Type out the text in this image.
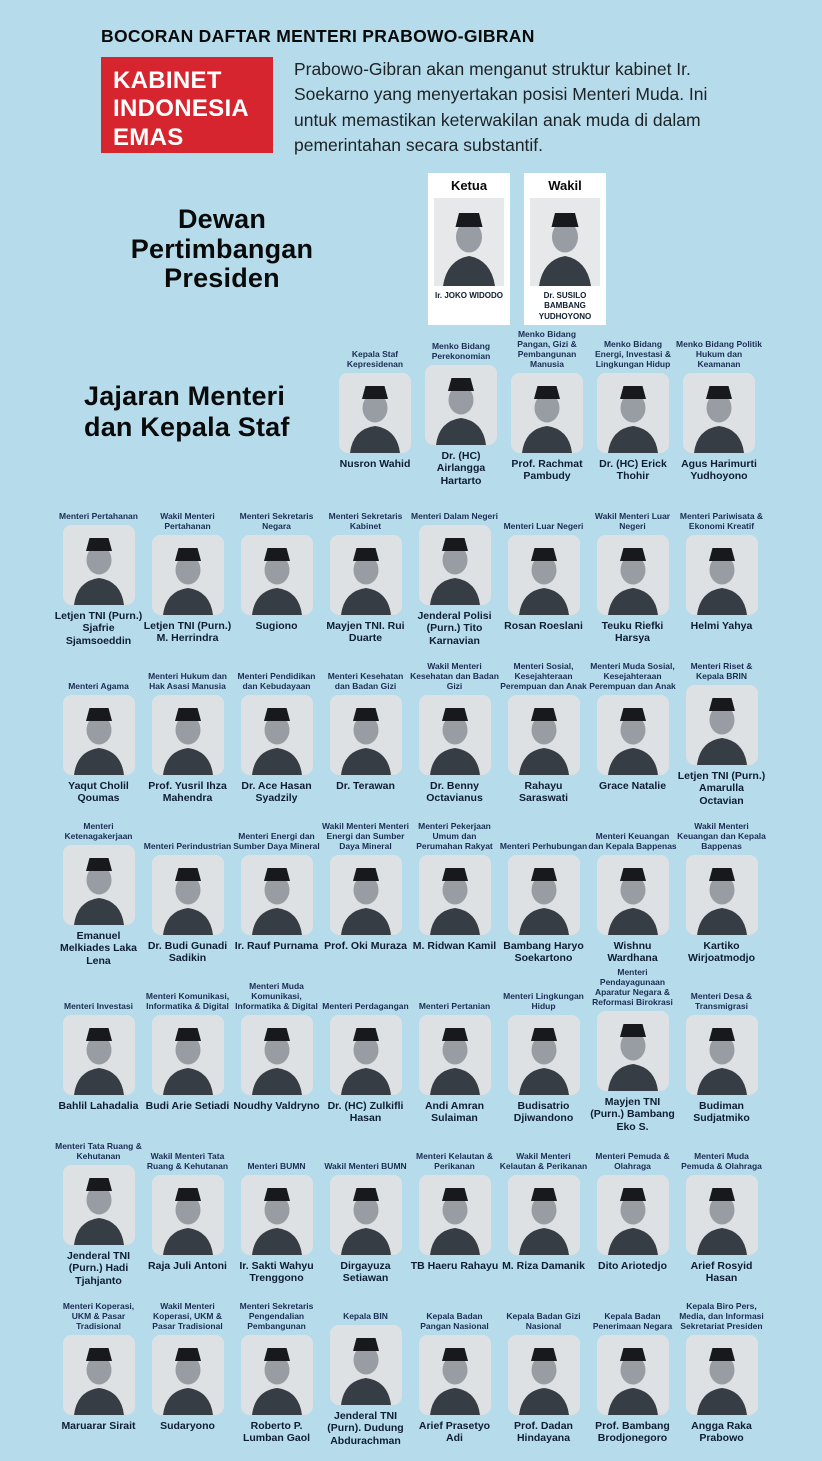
BOCORAN DAFTAR MENTERI PRABOWO-GIBRAN
KABINET
INDONESIA
EMAS

Prabowo-Gibran akan menganut struktur kabinet Ir. Soekarno yang menyertakan posisi Menteri Muda. Ini untuk memastikan keterwakilan anak muda di dalam pemerintahan secara substantif.

Dewan
Pertimbangan
Presiden
Ketua
Ir. JOKO WIDODO
Wakil
Dr. SUSILO BAMBANG YUDHOYONO
Jajaran Menteri
dan Kepala Staf
Kepala Staf Kepresidenan
Nusron Wahid
Menko Bidang Perekonomian
Dr. (HC) Airlangga Hartarto
Menko Bidang Pangan, Gizi & Pembangunan Manusia
Prof. Rachmat Pambudy
Menko Bidang Energi, Investasi & Lingkungan Hidup
Dr. (HC) Erick Thohir
Menko Bidang Politik Hukum dan Keamanan
Agus Harimurti Yudhoyono
Menteri Pertahanan
Letjen TNI (Purn.) Sjafrie Sjamsoeddin
Wakil Menteri Pertahanan
Letjen TNI (Purn.) M. Herrindra
Menteri Sekretaris Negara
Sugiono
Menteri Sekretaris Kabinet
Mayjen TNI. Rui Duarte
Menteri Dalam Negeri
Jenderal Polisi (Purn.) Tito Karnavian
Menteri Luar Negeri
Rosan Roeslani
Wakil Menteri Luar Negeri
Teuku Riefki Harsya
Menteri Pariwisata & Ekonomi Kreatif
Helmi Yahya
Menteri Agama
Yaqut Cholil Qoumas
Menteri Hukum dan Hak Asasi Manusia
Prof. Yusril Ihza Mahendra
Menteri Pendidikan dan Kebudayaan
Dr. Ace Hasan Syadzily
Menteri Kesehatan dan Badan Gizi
Dr. Terawan
Wakil Menteri Kesehatan dan Badan Gizi
Dr. Benny Octavianus
Menteri Sosial, Kesejahteraan Perempuan dan Anak
Rahayu Saraswati
Menteri Muda Sosial, Kesejahteraan Perempuan dan Anak
Grace Natalie
Menteri Riset & Kepala BRIN
Letjen TNI (Purn.) Amarulla Octavian
Menteri Ketenagakerjaan
Emanuel Melkiades Laka Lena
Menteri Perindustrian
Dr. Budi Gunadi Sadikin
Menteri Energi dan Sumber Daya Mineral
Ir. Rauf Purnama
Wakil Menteri Menteri Energi dan Sumber Daya Mineral
Prof. Oki Muraza
Menteri Pekerjaan Umum dan Perumahan Rakyat
M. Ridwan Kamil
Menteri Perhubungan
Bambang Haryo Soekartono
Menteri Keuangan dan Kepala Bappenas
Wishnu Wardhana
Wakil Menteri Keuangan dan Kepala Bappenas
Kartiko Wirjoatmodjo
Menteri Investasi
Bahlil Lahadalia
Menteri Komunikasi, Informatika & Digital
Budi Arie Setiadi
Menteri Muda Komunikasi, Informatika & Digital
Noudhy Valdryno
Menteri Perdagangan
Dr. (HC) Zulkifli Hasan
Menteri Pertanian
Andi Amran Sulaiman
Menteri Lingkungan Hidup
Budisatrio Djiwandono
Menteri Pendayagunaan Aparatur Negara & Reformasi Birokrasi
Mayjen TNI (Purn.) Bambang Eko S.
Menteri Desa & Transmigrasi
Budiman Sudjatmiko
Menteri Tata Ruang & Kehutanan
Jenderal TNI (Purn.) Hadi Tjahjanto
Wakil Menteri Tata Ruang & Kehutanan
Raja Juli Antoni
Menteri BUMN
Ir. Sakti Wahyu Trenggono
Wakil Menteri BUMN
Dirgayuza Setiawan
Menteri Kelautan & Perikanan
TB Haeru Rahayu
Wakil Menteri Kelautan & Perikanan
M. Riza Damanik
Menteri Pemuda & Olahraga
Dito Ariotedjo
Menteri Muda Pemuda & Olahraga
Arief Rosyid Hasan
Menteri Koperasi, UKM & Pasar Tradisional
Maruarar Sirait
Wakil Menteri Koperasi, UKM & Pasar Tradisional
Sudaryono
Menteri Sekretaris Pengendalian Pembangunan
Roberto P. Lumban Gaol
Kepala BIN
Jenderal TNI (Purn). Dudung Abdurachman
Kepala Badan Pangan Nasional
Arief Prasetyo Adi
Kepala Badan Gizi Nasional
Prof. Dadan Hindayana
Kepala Badan Penerimaan Negara
Prof. Bambang Brodjonegoro
Kepala Biro Pers, Media, dan Informasi Sekretariat Presiden
Angga Raka Prabowo
